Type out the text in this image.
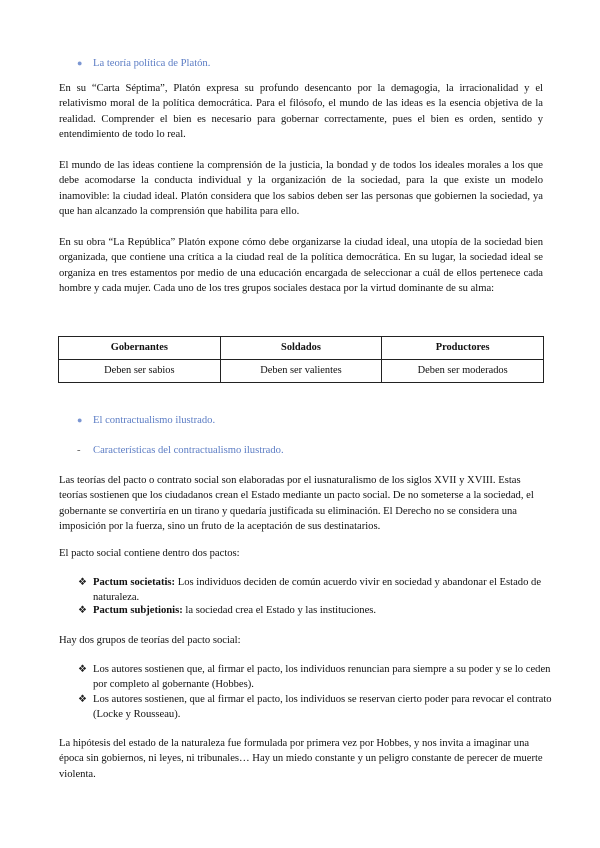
● La teoría política de Platón.

En su “Carta Séptima”, Platón expresa su profundo desencanto por la demagogia, la irracionalidad y el relativismo moral de la política democrática. Para el filósofo, el mundo de las ideas es la esencia objetiva de la realidad. Comprender el bien es necesario para gobernar correctamente, pues el bien es orden, sentido y entendimiento de todo lo real.

El mundo de las ideas contiene la comprensión de la justicia, la bondad y de todos los ideales morales a los que debe acomodarse la conducta individual y la organización de la sociedad, para la que existe un modelo inamovible: la ciudad ideal. Platón considera que los sabios deben ser las personas que gobiernen la sociedad, ya que han alcanzado la comprensión que habilita para ello.

En su obra “La República” Platón expone cómo debe organizarse la ciudad ideal, una utopía de la sociedad bien organizada, que contiene una crítica a la ciudad real de la política democrática. En su lugar, la sociedad ideal se organiza en tres estamentos por medio de una educación encargada de seleccionar a cuál de ellos pertenece cada hombre y cada mujer. Cada uno de los tres grupos sociales destaca por la virtud dominante de su alma:

Gobernantes	Soldados	Productores
Deben ser sabios	Deben ser valientes	Deben ser moderados
● El contractualismo ilustrado.
- Características del contractualismo ilustrado.

Las teorías del pacto o contrato social son elaboradas por el iusnaturalismo de los siglos XVII y XVIII. Estas teorías sostienen que los ciudadanos crean el Estado mediante un pacto social. De no someterse a la sociedad, el gobernante se convertiría en un tirano y quedaría justificada su eliminación. El Derecho no se considera una imposición por la fuerza, sino un fruto de la aceptación de sus destinatarios.

El pacto social contiene dentro dos pactos:

❖ Pactum societatis: Los individuos deciden de común acuerdo vivir en sociedad y abandonar el Estado de naturaleza.
❖ Pactum subjetionis: la sociedad crea el Estado y las instituciones.

Hay dos grupos de teorías del pacto social:

❖ Los autores sostienen que, al firmar el pacto, los individuos renuncian para siempre a su poder y se lo ceden por completo al gobernante (Hobbes).
❖ Los autores sostienen, que al firmar el pacto, los individuos se reservan cierto poder para revocar el contrato (Locke y Rousseau).

La hipótesis del estado de la naturaleza fue formulada por primera vez por Hobbes, y nos invita a imaginar una época sin gobiernos, ni leyes, ni tribunales… Hay un miedo constante y un peligro constante de perecer de muerte violenta.
